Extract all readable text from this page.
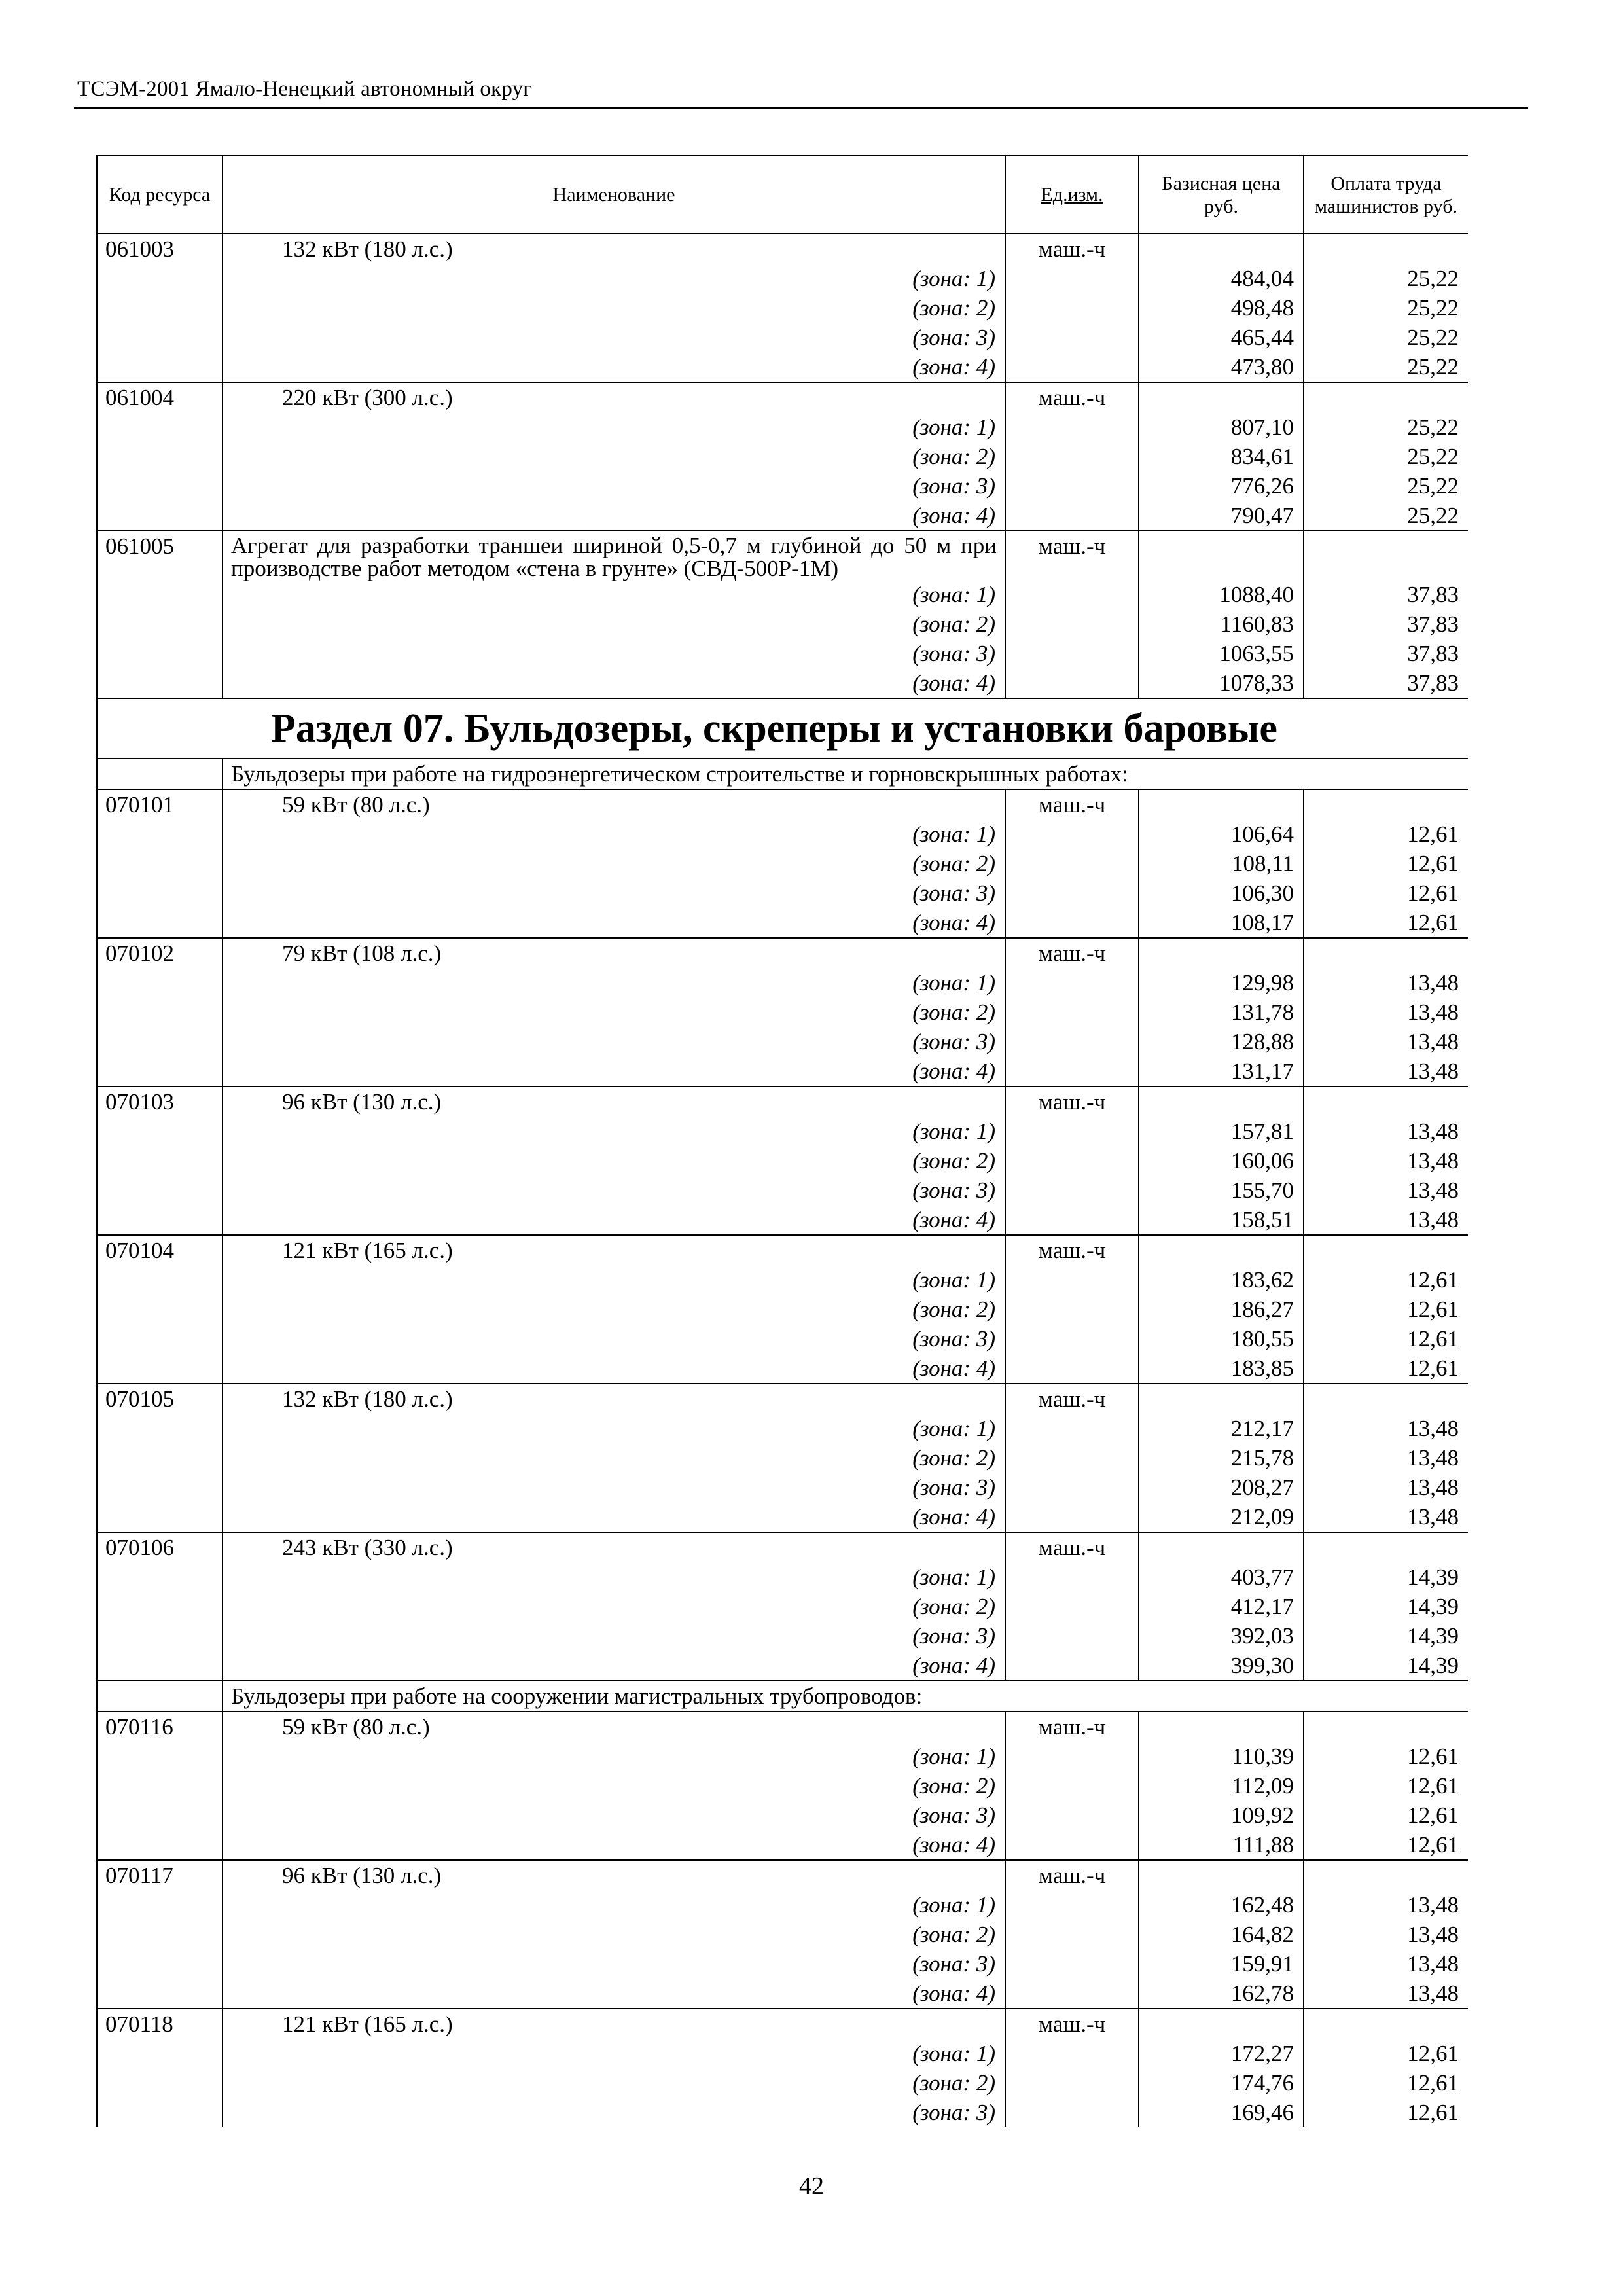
ТСЭМ-2001 Ямало-Ненецкий автономный округ
Код ресурса	Наименование	Ед.изм.	Базисная цена руб.	Оплата труда машинистов руб.
061003	132 кВт (180 л.с.)	маш.-ч		
	(зона: 1)		484,04	25,22
	(зона: 2)		498,48	25,22
	(зона: 3)		465,44	25,22
	(зона: 4)		473,80	25,22
061004	220 кВт (300 л.с.)	маш.-ч		
	(зона: 1)		807,10	25,22
	(зона: 2)		834,61	25,22
	(зона: 3)		776,26	25,22
	(зона: 4)		790,47	25,22
061005	Агрегат для разработки траншеи шириной 0,5-0,7 м глубиной до 50 м при производстве работ методом «стена в грунте» (СВД-500Р-1М)	маш.-ч		
	(зона: 1)		1088,40	37,83
	(зона: 2)		1160,83	37,83
	(зона: 3)		1063,55	37,83
	(зона: 4)		1078,33	37,83
Раздел 07. Бульдозеры, скреперы и установки баровые				
	Бульдозеры при работе на гидроэнергетическом строительстве и горновскрышных работах:			
070101	59 кВт (80 л.с.)	маш.-ч		
	(зона: 1)		106,64	12,61
	(зона: 2)		108,11	12,61
	(зона: 3)		106,30	12,61
	(зона: 4)		108,17	12,61
070102	79 кВт (108 л.с.)	маш.-ч		
	(зона: 1)		129,98	13,48
	(зона: 2)		131,78	13,48
	(зона: 3)		128,88	13,48
	(зона: 4)		131,17	13,48
070103	96 кВт (130 л.с.)	маш.-ч		
	(зона: 1)		157,81	13,48
	(зона: 2)		160,06	13,48
	(зона: 3)		155,70	13,48
	(зона: 4)		158,51	13,48
070104	121 кВт (165 л.с.)	маш.-ч		
	(зона: 1)		183,62	12,61
	(зона: 2)		186,27	12,61
	(зона: 3)		180,55	12,61
	(зона: 4)		183,85	12,61
070105	132 кВт (180 л.с.)	маш.-ч		
	(зона: 1)		212,17	13,48
	(зона: 2)		215,78	13,48
	(зона: 3)		208,27	13,48
	(зона: 4)		212,09	13,48
070106	243 кВт (330 л.с.)	маш.-ч		
	(зона: 1)		403,77	14,39
	(зона: 2)		412,17	14,39
	(зона: 3)		392,03	14,39
	(зона: 4)		399,30	14,39
	Бульдозеры при работе на сооружении магистральных трубопроводов:			
070116	59 кВт (80 л.с.)	маш.-ч		
	(зона: 1)		110,39	12,61
	(зона: 2)		112,09	12,61
	(зона: 3)		109,92	12,61
	(зона: 4)		111,88	12,61
070117	96 кВт (130 л.с.)	маш.-ч		
	(зона: 1)		162,48	13,48
	(зона: 2)		164,82	13,48
	(зона: 3)		159,91	13,48
	(зона: 4)		162,78	13,48
070118	121 кВт (165 л.с.)	маш.-ч		
	(зона: 1)		172,27	12,61
	(зона: 2)		174,76	12,61
	(зона: 3)		169,46	12,61
42
